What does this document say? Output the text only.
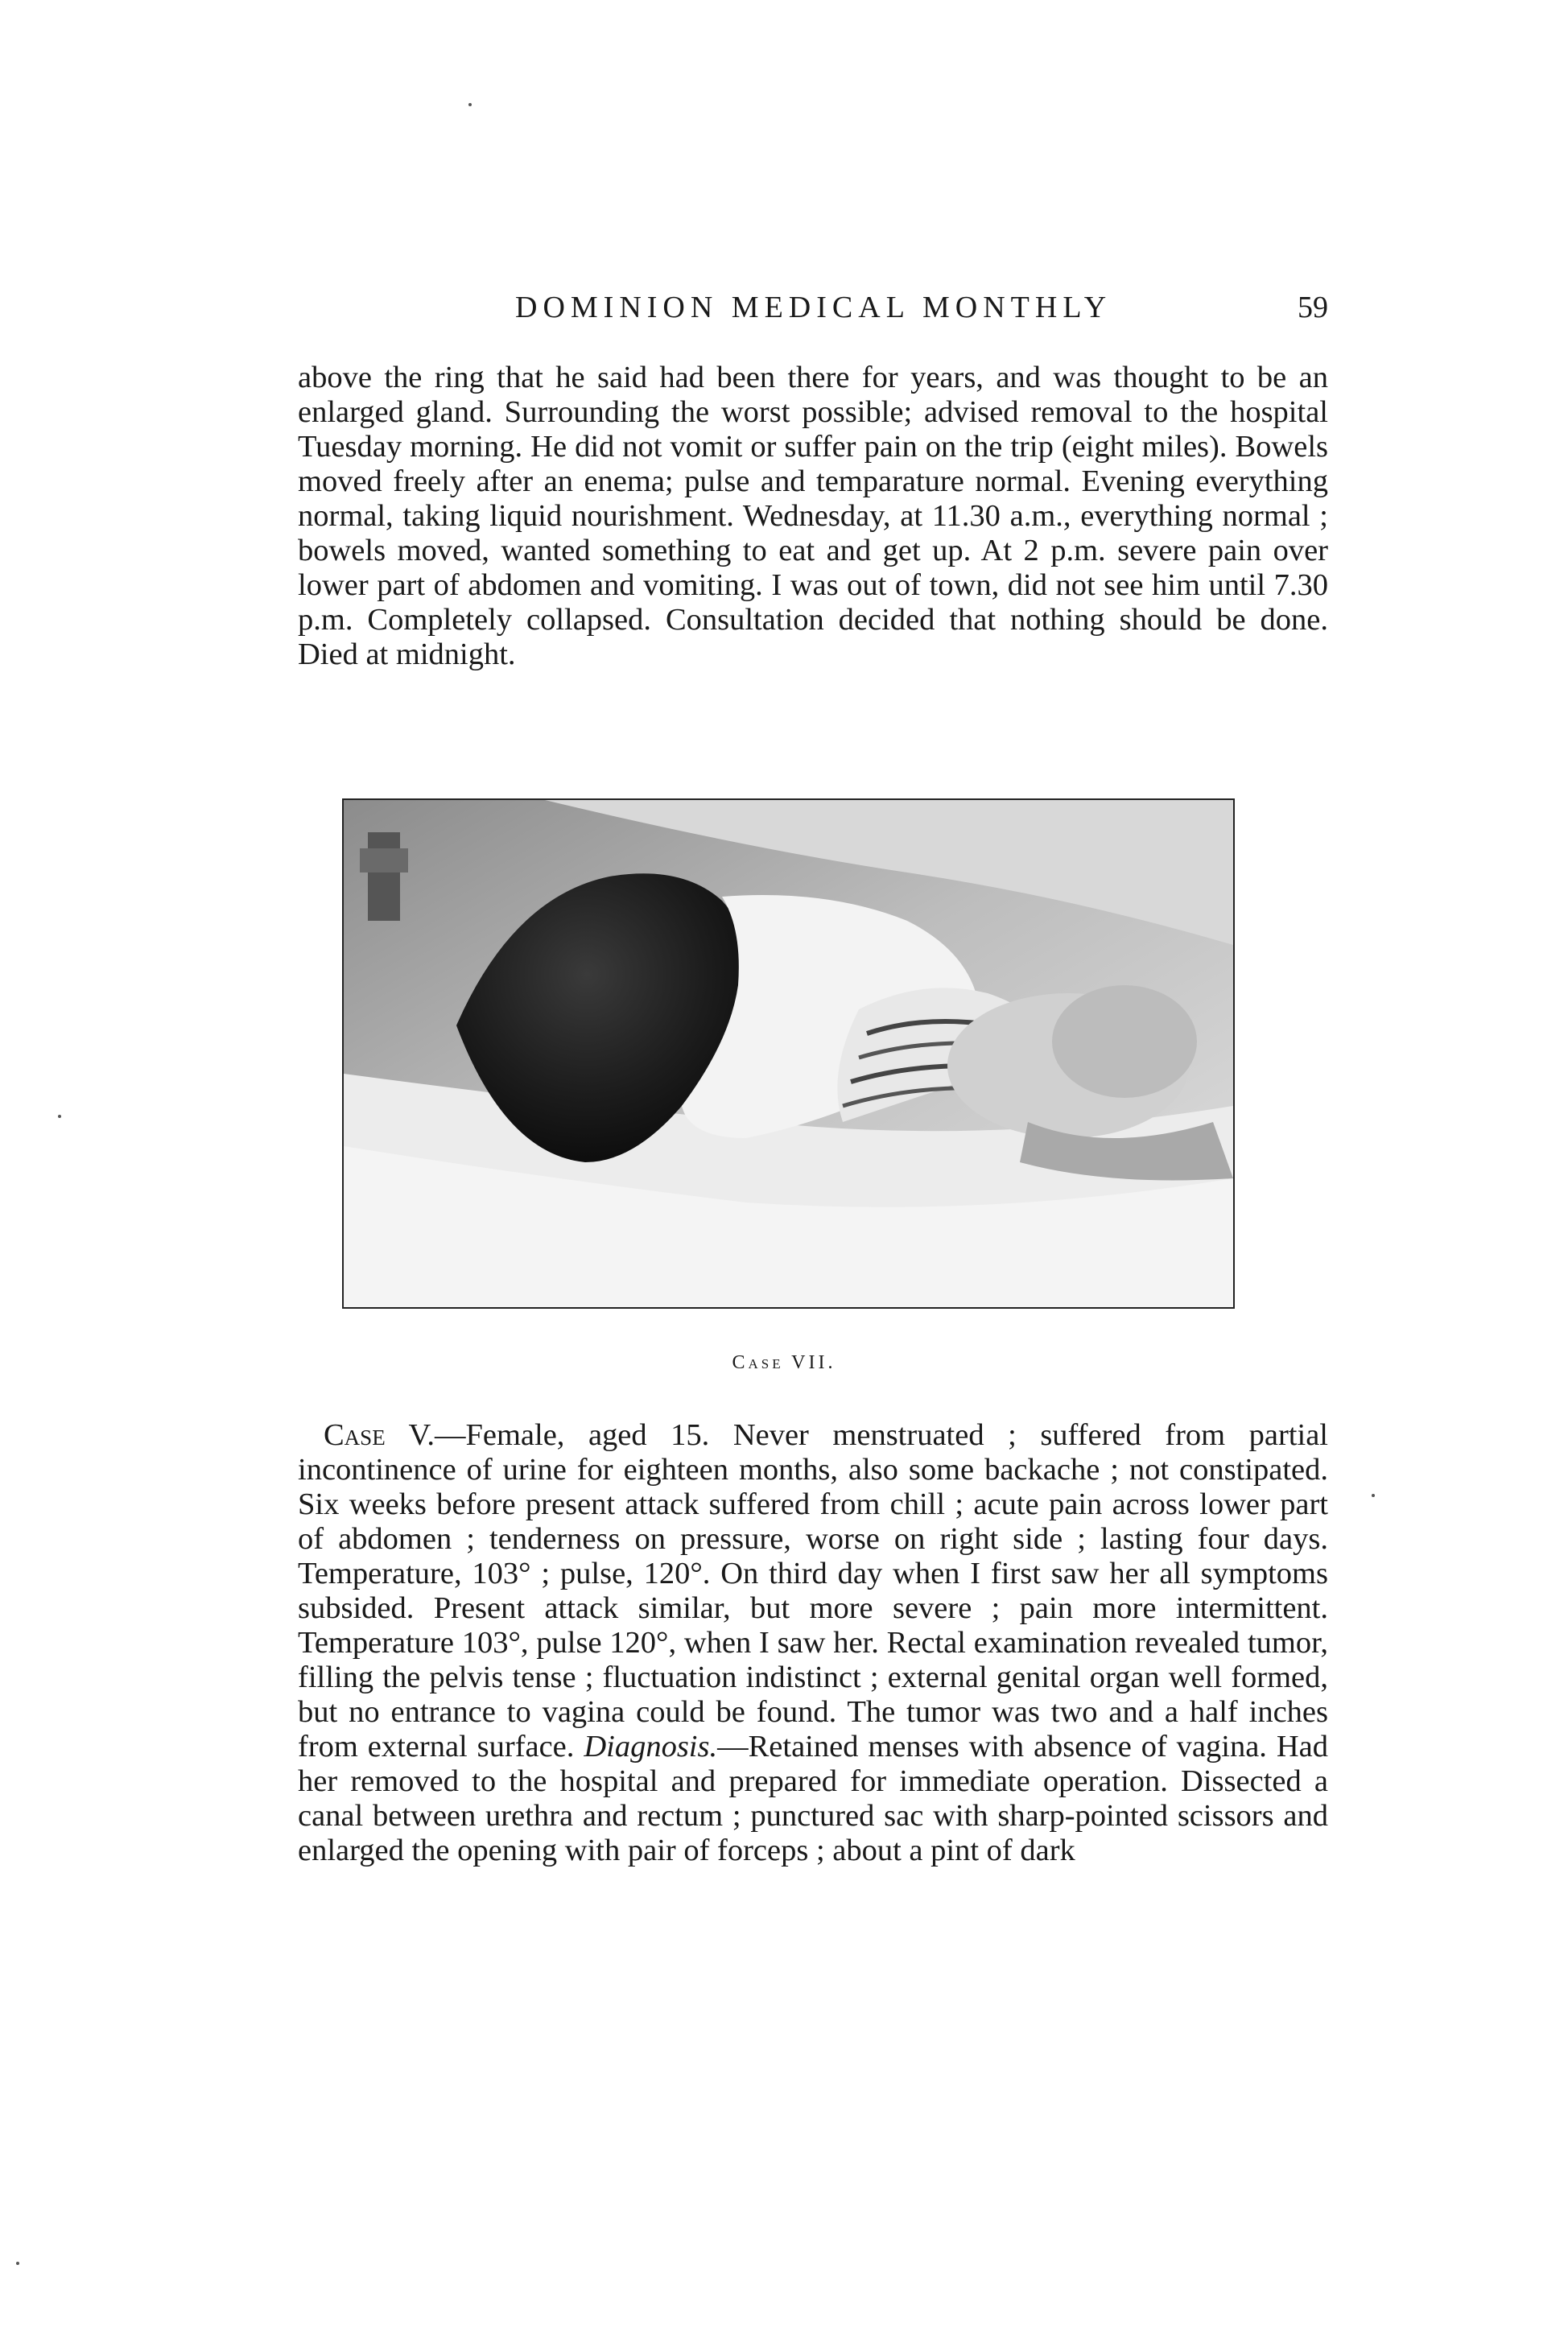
DOMINION MEDICAL MONTHLY	59

above the ring that he said had been there for years, and was thought to be an enlarged gland. Surrounding the worst possible; advised removal to the hospital Tuesday morning. He did not vomit or suffer pain on the trip (eight miles). Bowels moved freely after an enema; pulse and temparature normal. Evening everything normal, taking liquid nourishment. Wednesday, at 11.30 a.m., everything normal ; bowels moved, wanted something to eat and get up. At 2 p.m. severe pain over lower part of abdomen and vomiting. I was out of town, did not see him until 7.30 p.m. Completely collapsed. Consultation decided that nothing should be done. Died at midnight.

Case VII.

Case V.—Female, aged 15. Never menstruated ; suffered from partial incontinence of urine for eighteen months, also some backache ; not constipated. Six weeks before present attack suffered from chill ; acute pain across lower part of abdomen ; tenderness on pressure, worse on right side ; lasting four days. Temperature, 103° ; pulse, 120°. On third day when I first saw her all symptoms subsided. Present attack similar, but more severe ; pain more intermittent. Temperature 103°, pulse 120°, when I saw her. Rectal examination revealed tumor, filling the pelvis tense ; fluctuation indistinct ; external genital organ well formed, but no entrance to vagina could be found. The tumor was two and a half inches from external surface. Diagnosis.—Retained menses with absence of vagina. Had her removed to the hospital and prepared for immediate operation. Dissected a canal between urethra and rectum ; punctured sac with sharp-pointed scissors and enlarged the opening with pair of forceps ; about a pint of dark
